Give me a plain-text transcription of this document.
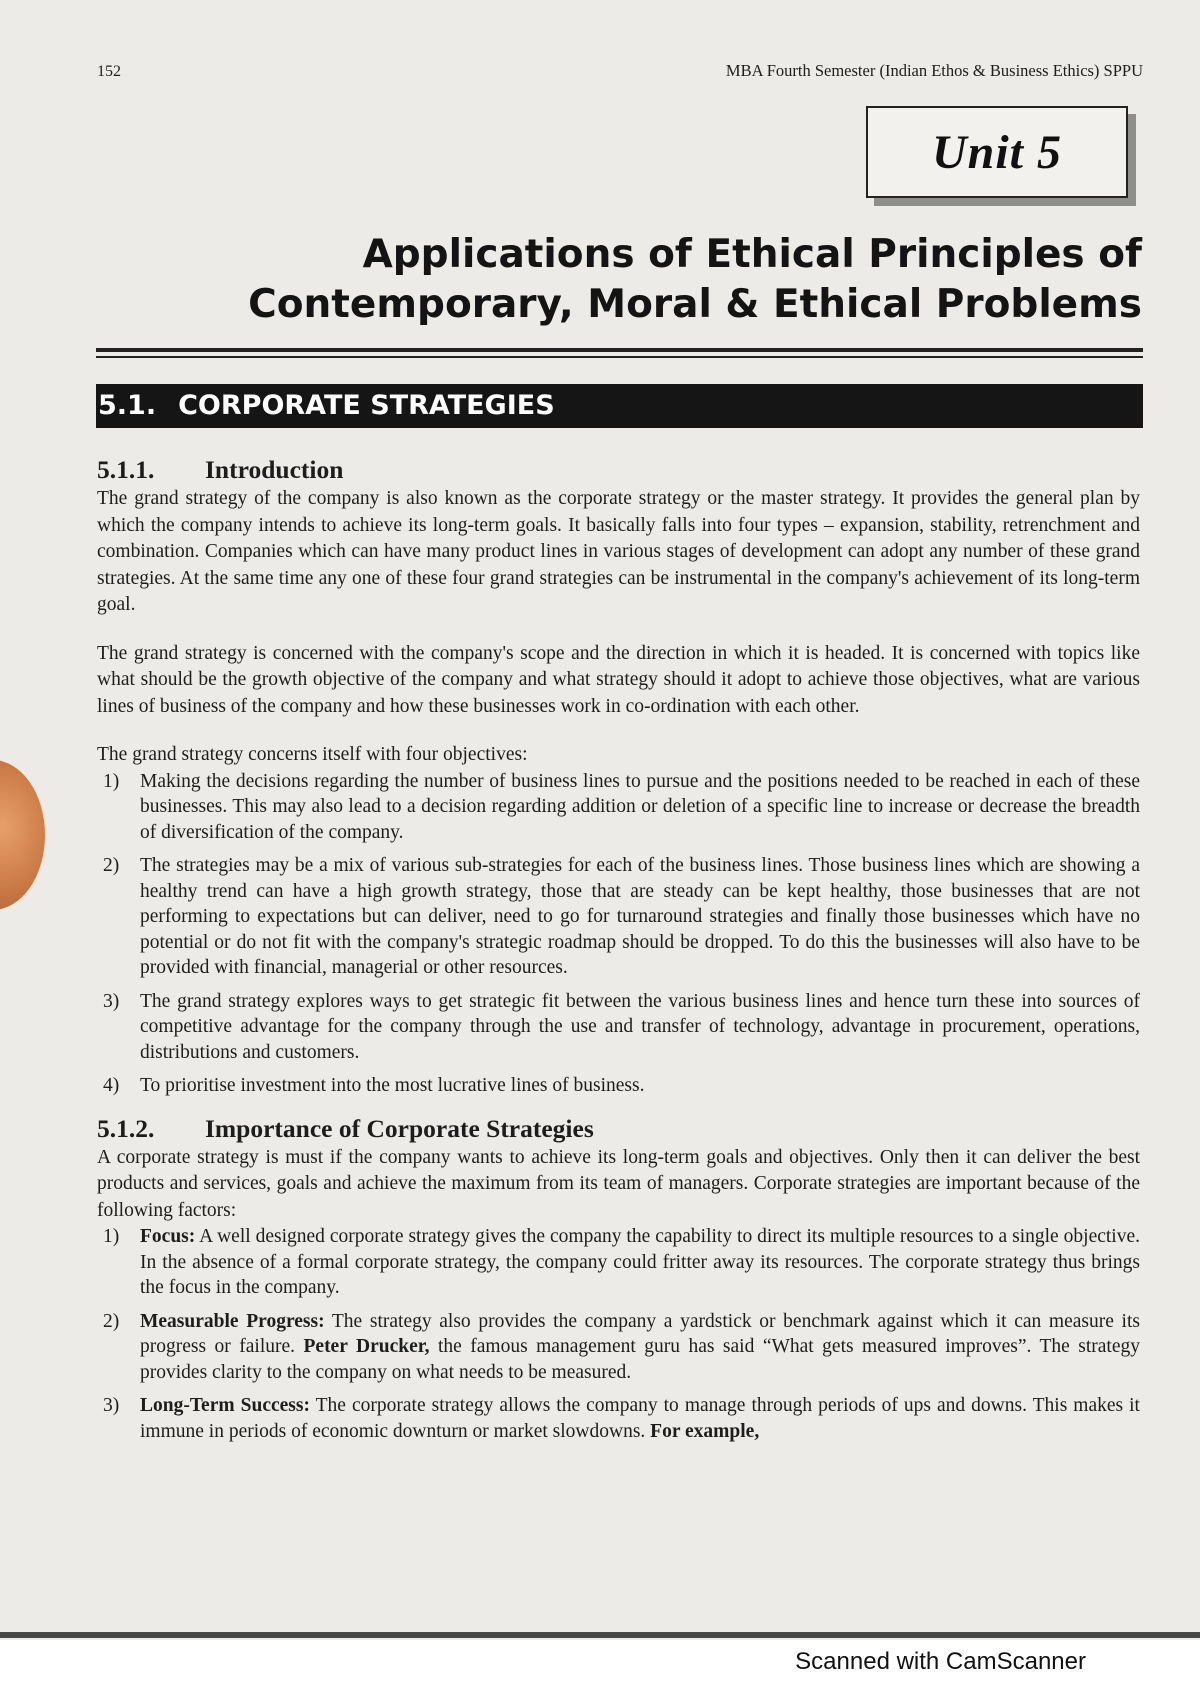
152	MBA Fourth Semester (Indian Ethos & Business Ethics) SPPU
Unit 5
Applications of Ethical Principles of
Contemporary, Moral & Ethical Problems
5.1. CORPORATE STRATEGIES
5.1.1. Introduction

The grand strategy of the company is also known as the corporate strategy or the master strategy. It provides the general plan by which the company intends to achieve its long-term goals. It basically falls into four types – expansion, stability, retrenchment and combination. Companies which can have many product lines in various stages of development can adopt any number of these grand strategies. At the same time any one of these four grand strategies can be instrumental in the company's achievement of its long-term goal.

The grand strategy is concerned with the company's scope and the direction in which it is headed. It is concerned with topics like what should be the growth objective of the company and what strategy should it adopt to achieve those objectives, what are various lines of business of the company and how these businesses work in co-ordination with each other.

The grand strategy concerns itself with four objectives:

1) Making the decisions regarding the number of business lines to pursue and the positions needed to be reached in each of these businesses. This may also lead to a decision regarding addition or deletion of a specific line to increase or decrease the breadth of diversification of the company.
2) The strategies may be a mix of various sub-strategies for each of the business lines. Those business lines which are showing a healthy trend can have a high growth strategy, those that are steady can be kept healthy, those businesses that are not performing to expectations but can deliver, need to go for turnaround strategies and finally those businesses which have no potential or do not fit with the company's strategic roadmap should be dropped. To do this the businesses will also have to be provided with financial, managerial or other resources.
3) The grand strategy explores ways to get strategic fit between the various business lines and hence turn these into sources of competitive advantage for the company through the use and transfer of technology, advantage in procurement, operations, distributions and customers.
4) To prioritise investment into the most lucrative lines of business.
5.1.2. Importance of Corporate Strategies

A corporate strategy is must if the company wants to achieve its long-term goals and objectives. Only then it can deliver the best products and services, goals and achieve the maximum from its team of managers. Corporate strategies are important because of the following factors:

1) Focus: A well designed corporate strategy gives the company the capability to direct its multiple resources to a single objective. In the absence of a formal corporate strategy, the company could fritter away its resources. The corporate strategy thus brings the focus in the company.
2) Measurable Progress: The strategy also provides the company a yardstick or benchmark against which it can measure its progress or failure. Peter Drucker, the famous management guru has said “What gets measured improves”. The strategy provides clarity to the company on what needs to be measured.
3) Long-Term Success: The corporate strategy allows the company to manage through periods of ups and downs. This makes it immune in periods of economic downturn or market slowdowns. For example,
Scanned with CamScanner
